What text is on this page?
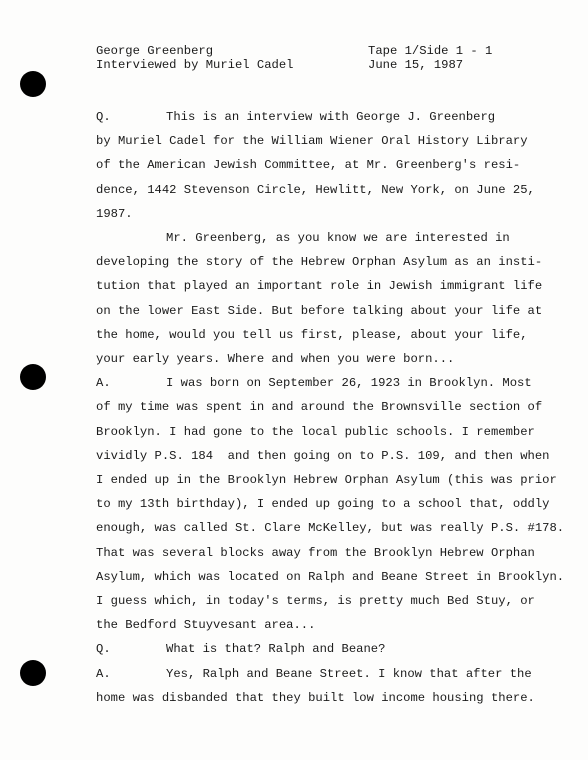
George Greenberg
Interviewed by Muriel Cadel
Tape 1/Side 1 - 1
June 15, 1987
Q.	This is an interview with George J. Greenberg
by Muriel Cadel for the William Wiener Oral History Library
of the American Jewish Committee, at Mr. Greenberg's resi-
dence, 1442 Stevenson Circle, Hewlitt, New York, on June 25,
1987.
Mr. Greenberg, as you know we are interested in
developing the story of the Hebrew Orphan Asylum as an insti-
tution that played an important role in Jewish immigrant life
on the lower East Side. But before talking about your life at
the home, would you tell us first, please, about your life,
your early years. Where and when you were born...
A.	I was born on September 26, 1923 in Brooklyn. Most
of my time was spent in and around the Brownsville section of
Brooklyn. I had gone to the local public schools. I remember
vividly P.S. 184  and then going on to P.S. 109, and then when
I ended up in the Brooklyn Hebrew Orphan Asylum (this was prior
to my 13th birthday), I ended up going to a school that, oddly
enough, was called St. Clare McKelley, but was really P.S. #178.
That was several blocks away from the Brooklyn Hebrew Orphan
Asylum, which was located on Ralph and Beane Street in Brooklyn.
I guess which, in today's terms, is pretty much Bed Stuy, or
the Bedford Stuyvesant area...
Q.	What is that? Ralph and Beane?
A.	Yes, Ralph and Beane Street. I know that after the
home was disbanded that they built low income housing there.
